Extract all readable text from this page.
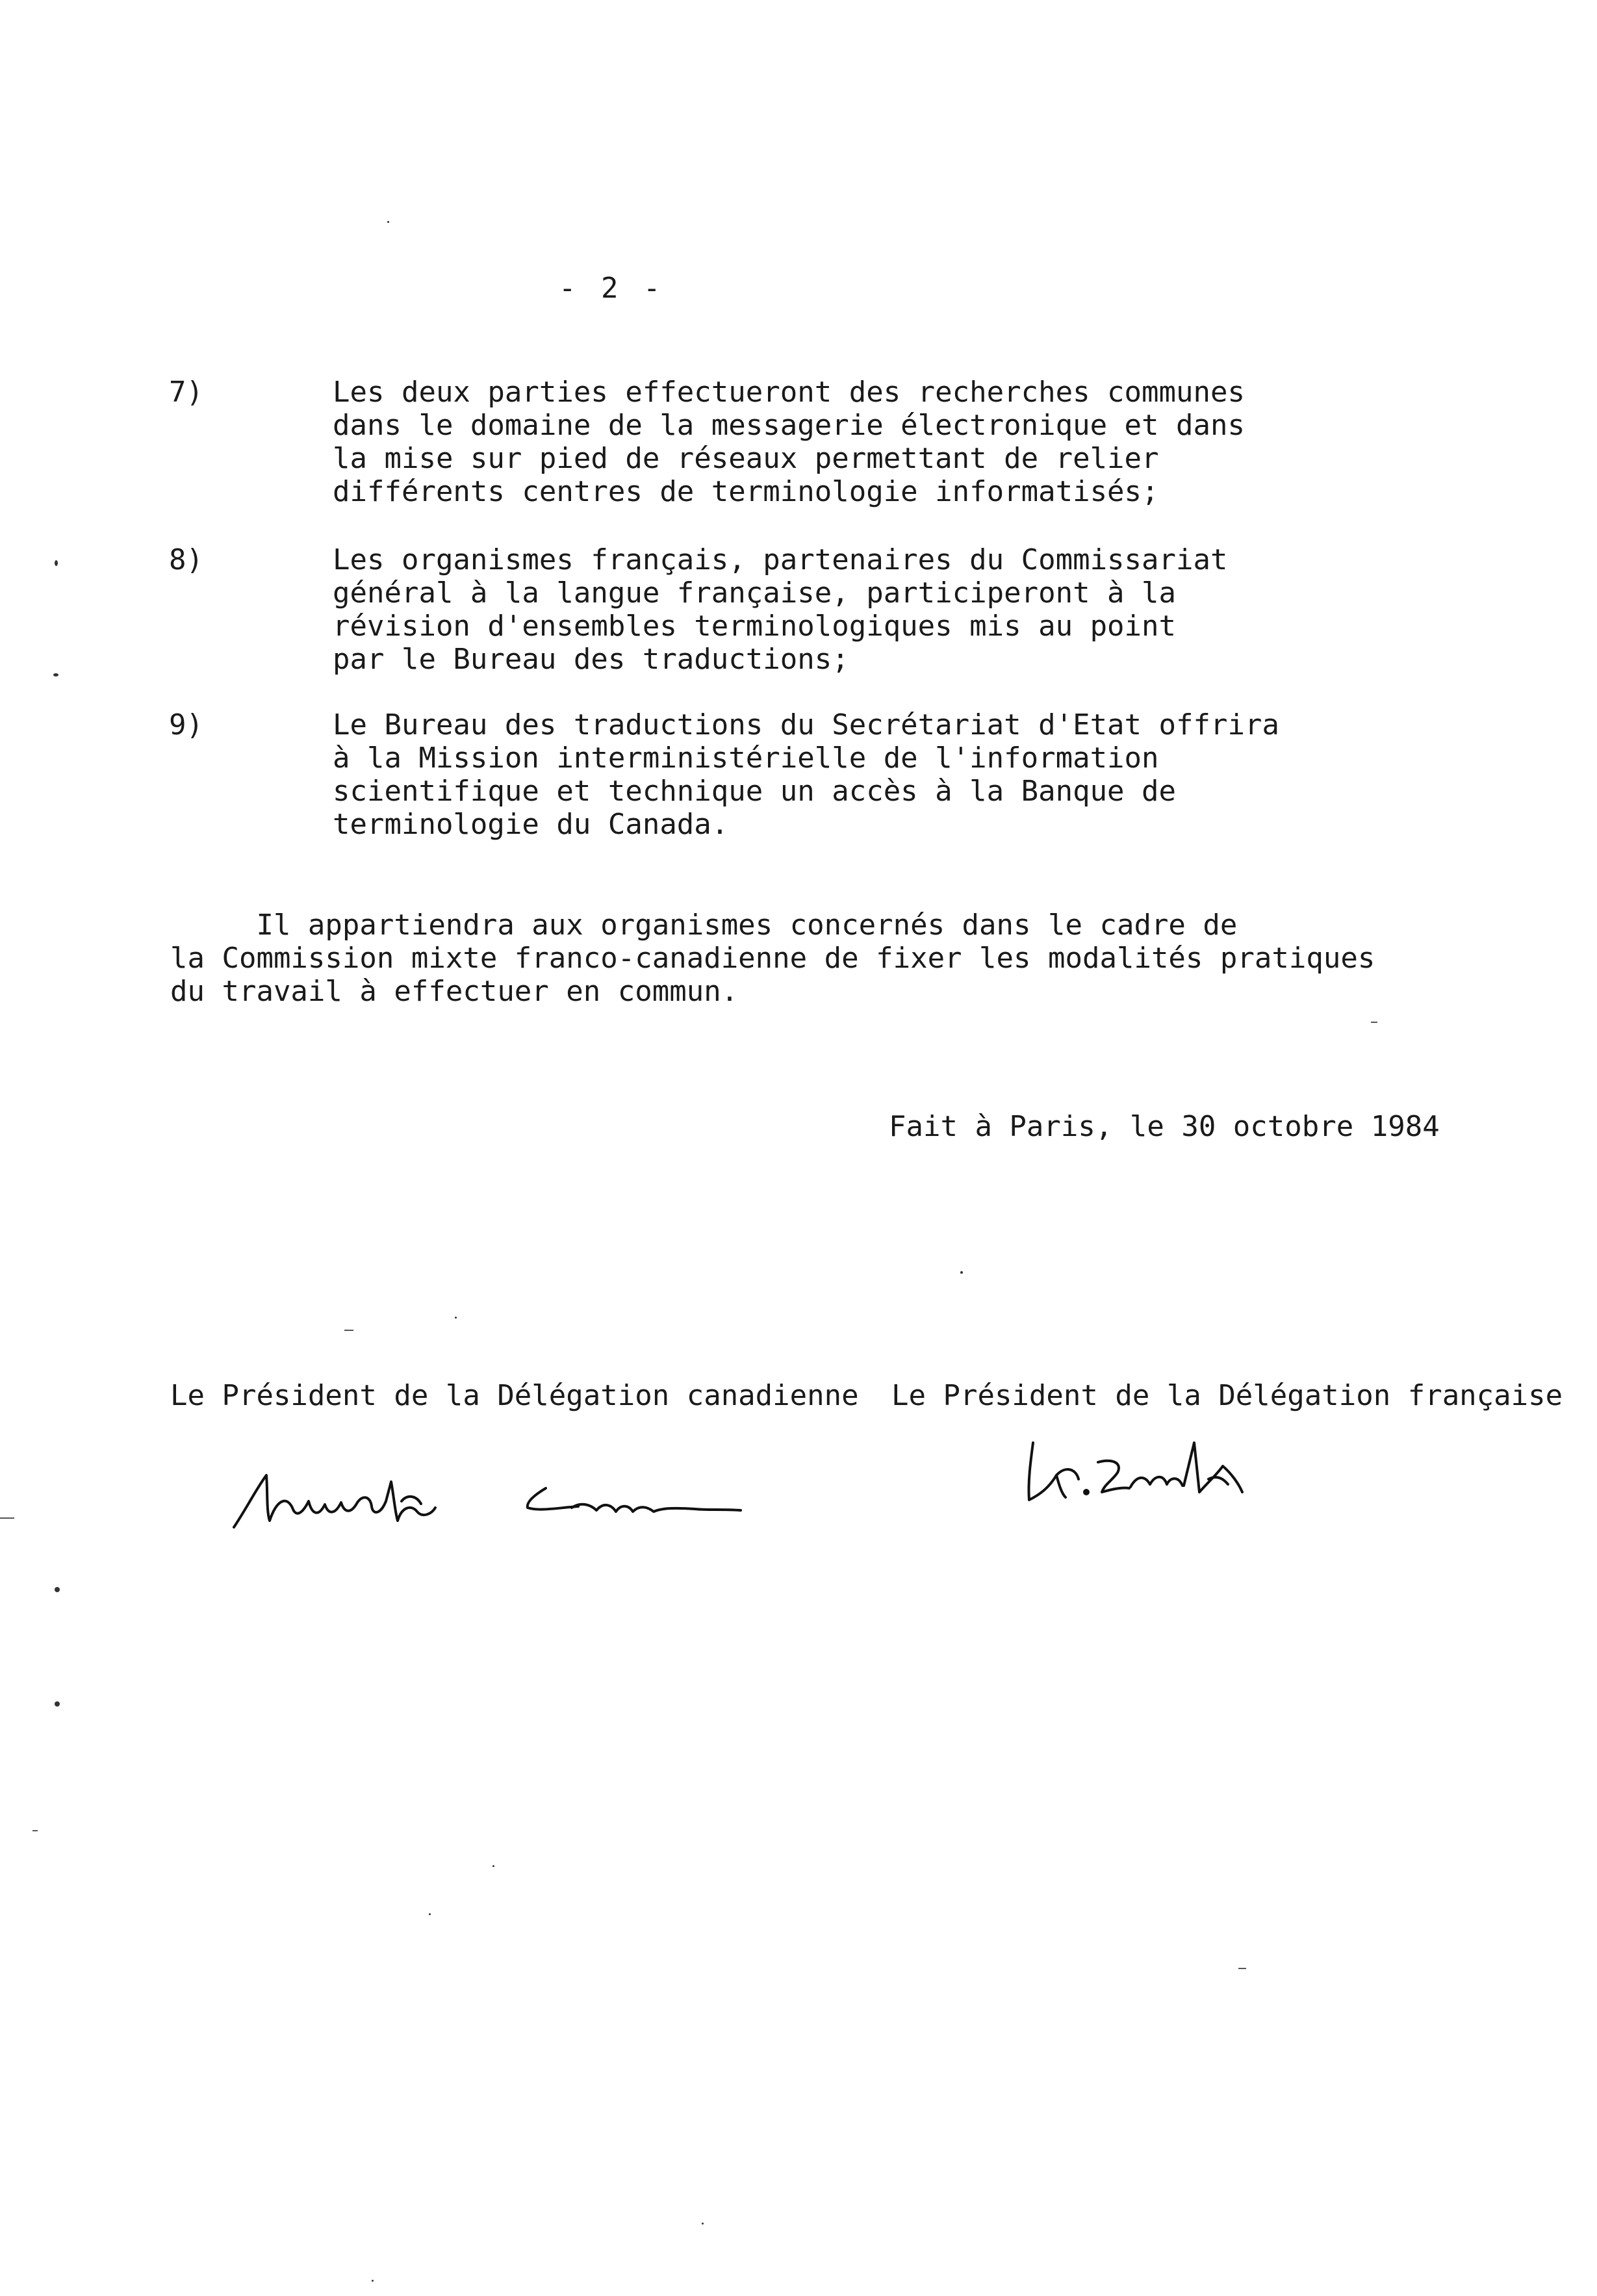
- 2 -
7)	Les deux parties effectueront des recherches communes
dans le domaine de la messagerie électronique et dans
la mise sur pied de réseaux permettant de relier
différents centres de terminologie informatisés;
8)	Les organismes français, partenaires du Commissariat
général à la langue française, participeront à la
révision d'ensembles terminologiques mis au point
par le Bureau des traductions;
9)	Le Bureau des traductions du Secrétariat d'Etat offrira
à la Mission interministérielle de l'information
scientifique et technique un accès à la Banque de
terminologie du Canada.
Il appartiendra aux organismes concernés dans le cadre de
la Commission mixte franco-canadienne de fixer les modalités pratiques
du travail à effectuer en commun.
Fait à Paris, le 30 octobre 1984
Le Président de la Délégation canadienne Le Président de la Délégation française
